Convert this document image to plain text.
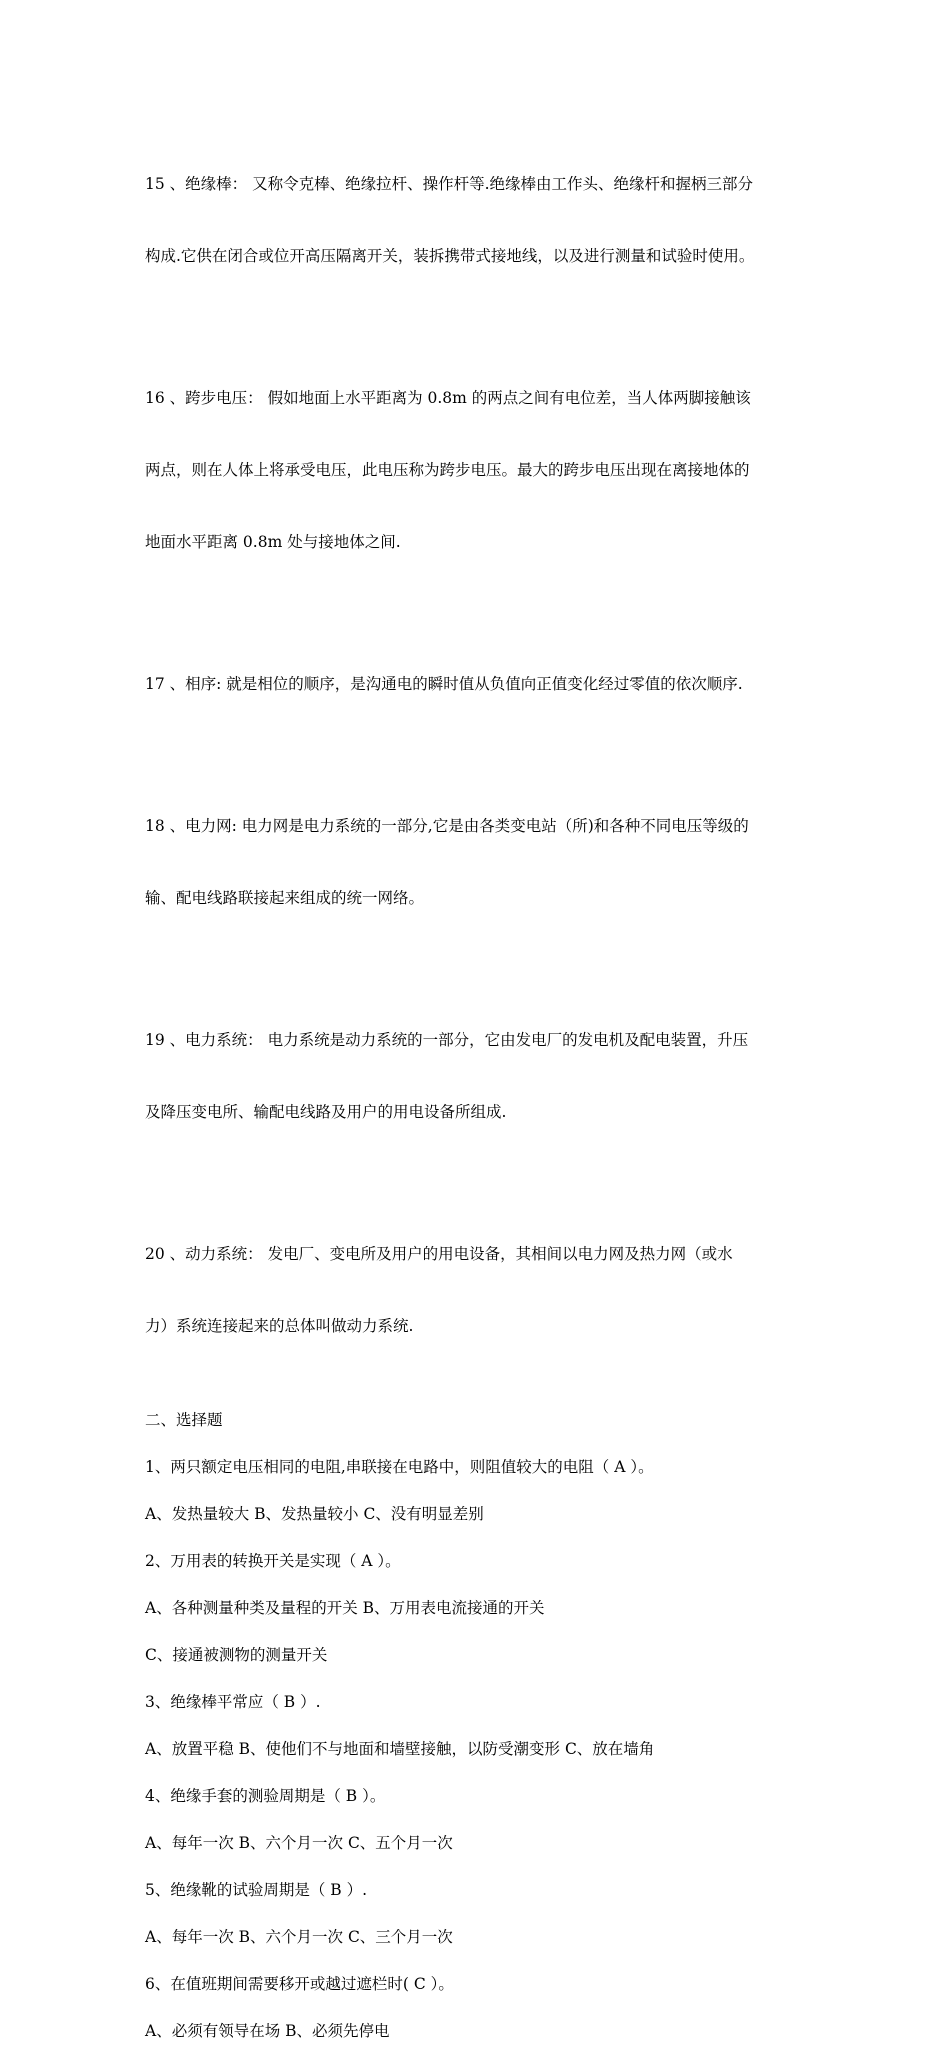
15 、绝缘棒： 又称令克棒、绝缘拉杆、操作杆等.绝缘棒由工作头、绝缘杆和握柄三部分

构成.它供在闭合或位开高压隔离开关，装拆携带式接地线，以及进行测量和试验时使用。

16 、跨步电压： 假如地面上水平距离为 0.8m 的两点之间有电位差，当人体两脚接触该

两点，则在人体上将承受电压，此电压称为跨步电压。最大的跨步电压出现在离接地体的

地面水平距离 0.8m 处与接地体之间.

17 、相序: 就是相位的顺序，是沟通电的瞬时值从负值向正值变化经过零值的依次顺序.

18 、电力网: 电力网是电力系统的一部分,它是由各类变电站（所)和各种不同电压等级的

输、配电线路联接起来组成的统一网络。

19 、电力系统： 电力系统是动力系统的一部分，它由发电厂的发电机及配电装置，升压

及降压变电所、输配电线路及用户的用电设备所组成.

20 、动力系统： 发电厂、变电所及用户的用电设备，其相间以电力网及热力网（或水

力）系统连接起来的总体叫做动力系统.

二、选择题
1、两只额定电压相同的电阻,串联接在电路中，则阻值较大的电阻（ A ）。
A、发热量较大 B、发热量较小 C、没有明显差别
2、万用表的转换开关是实现（ A ）。
A、各种测量种类及量程的开关 B、万用表电流接通的开关
C、接通被测物的测量开关
3、绝缘棒平常应（ B ）.
A、放置平稳 B、使他们不与地面和墙壁接触，以防受潮变形 C、放在墙角
4、绝缘手套的测验周期是（ B ）。
A、每年一次 B、六个月一次 C、五个月一次
5、绝缘靴的试验周期是（ B ）.
A、每年一次 B、六个月一次 C、三个月一次
6、在值班期间需要移开或越过遮栏时( C ）。
A、必须有领导在场 B、必须先停电
